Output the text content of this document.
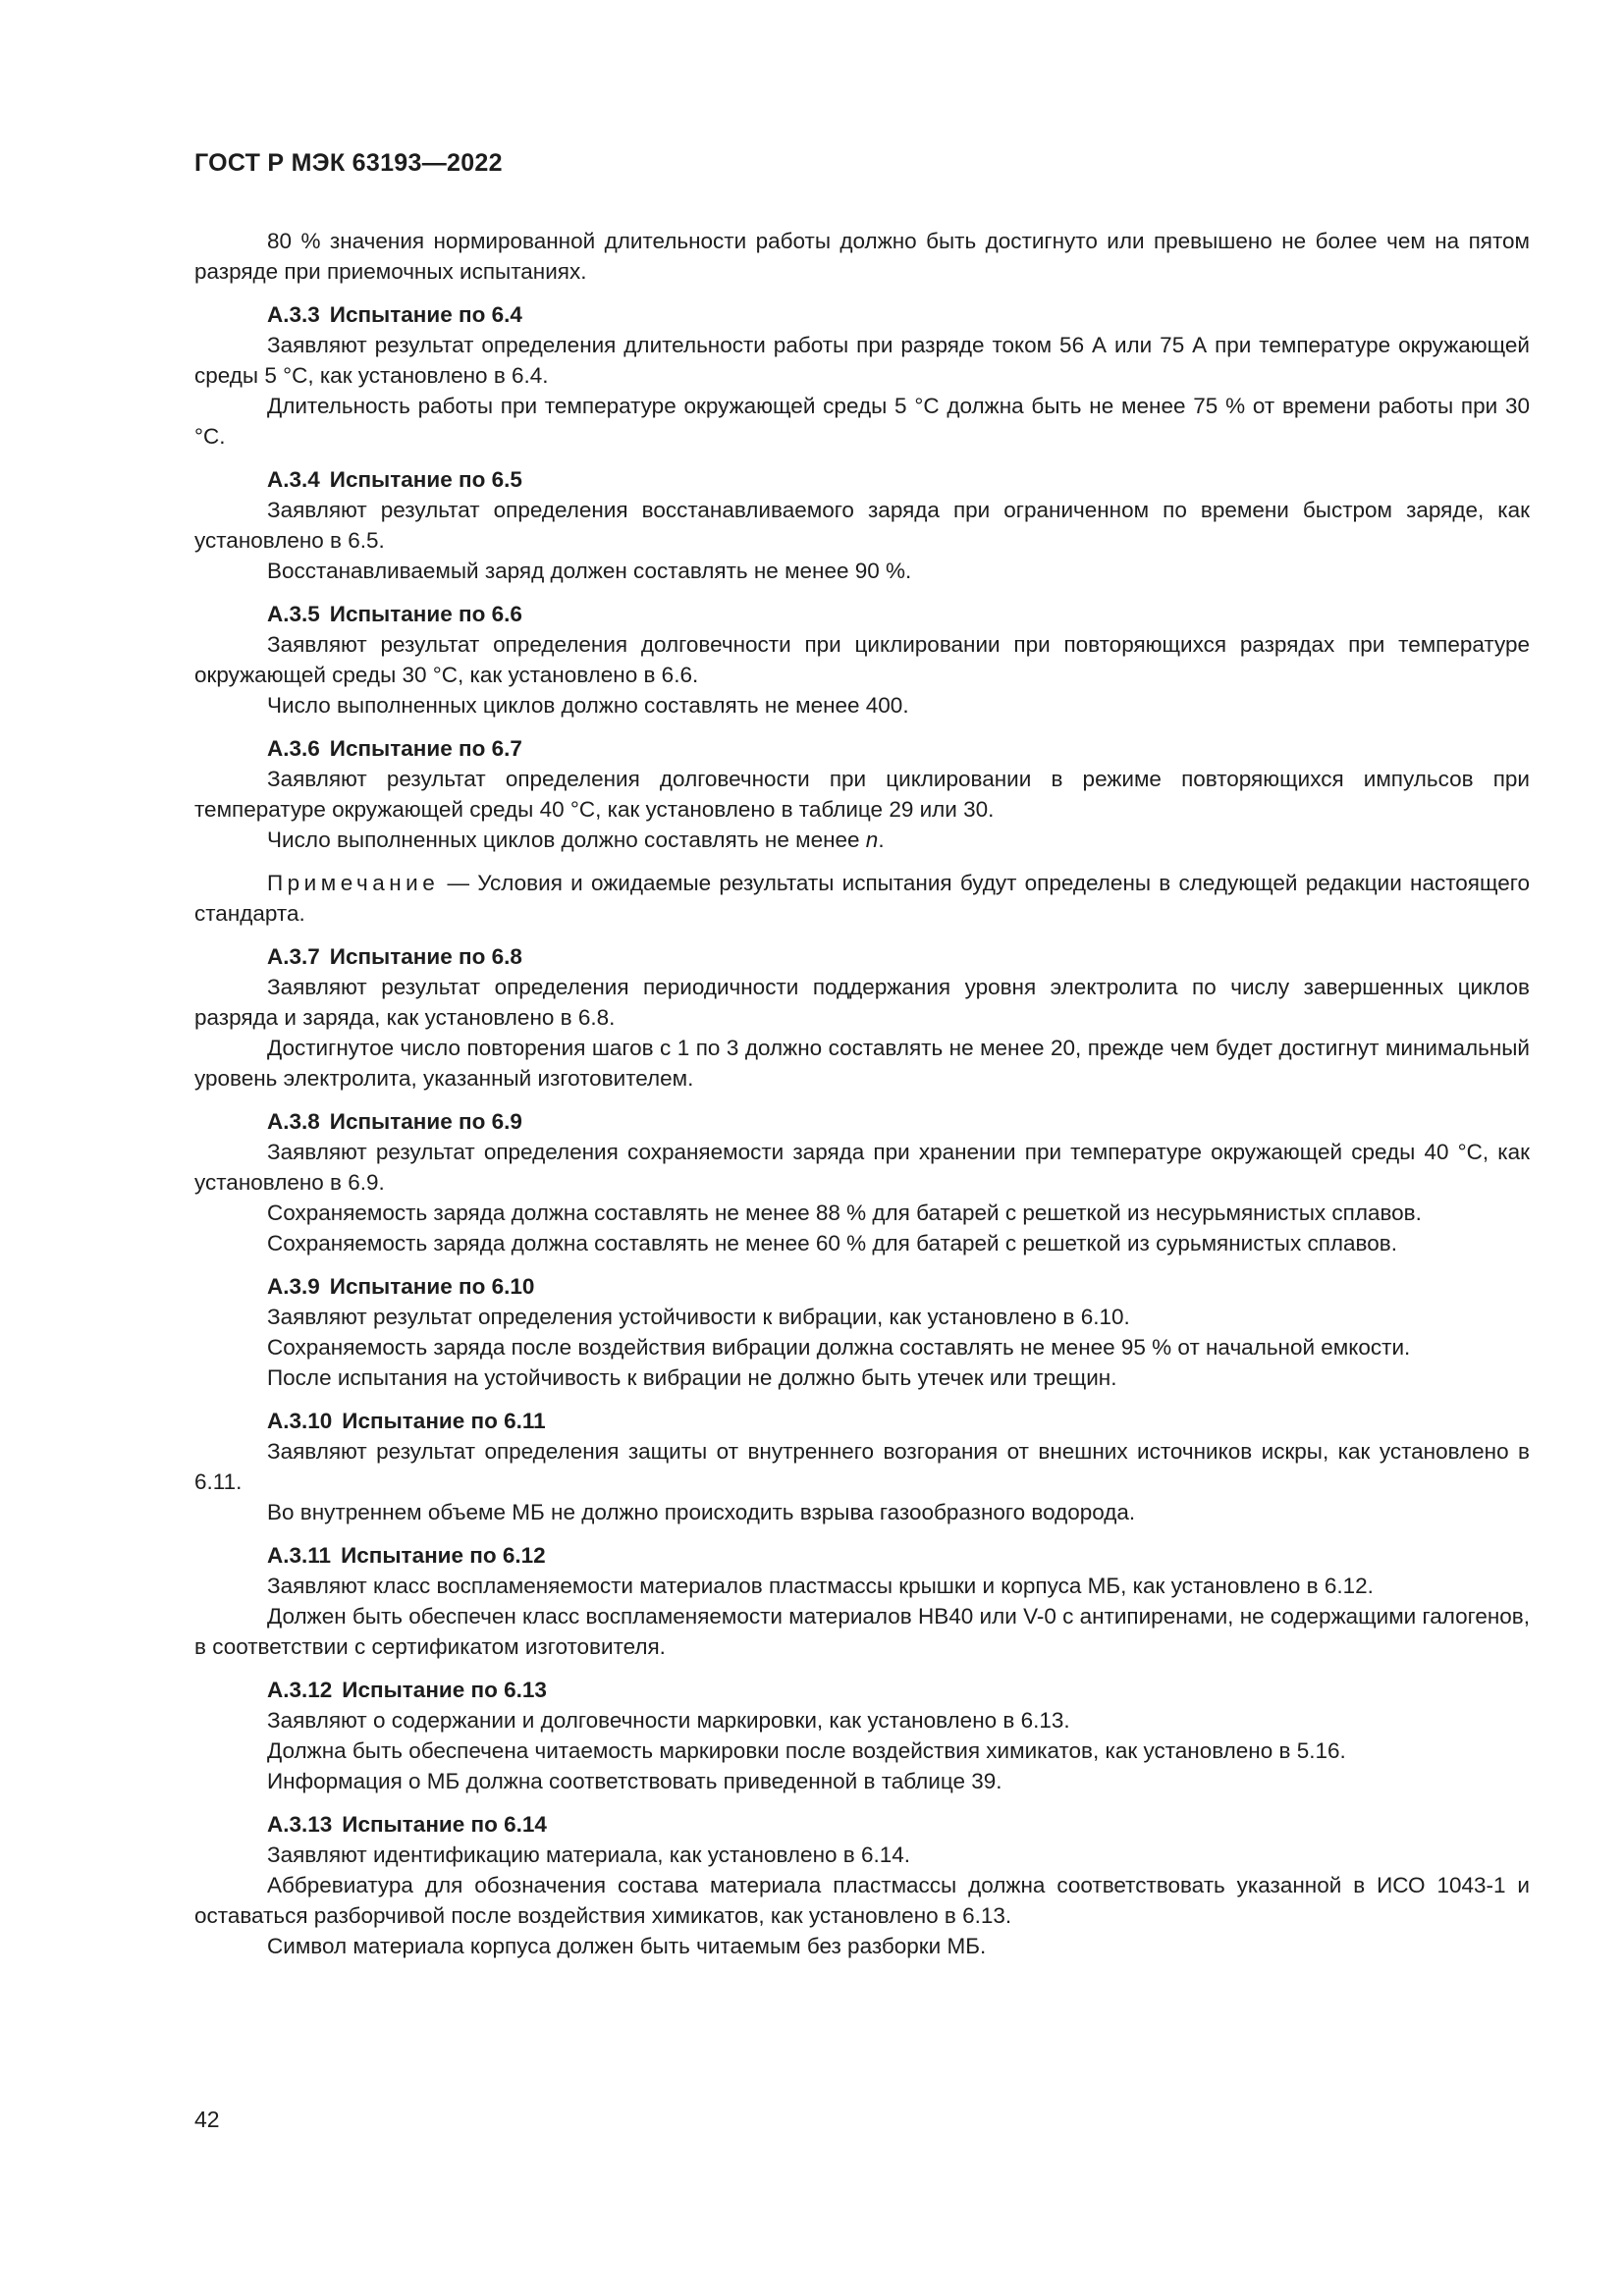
ГОСТ Р МЭК 63193—2022

80 % значения нормированной длительности работы должно быть достигнуто или превышено не более чем на пятом разряде при приемочных испытаниях.

А.3.3 Испытание по 6.4

Заявляют результат определения длительности работы при разряде током 56 А или 75 А при температуре окружающей среды 5 °С, как установлено в 6.4.

Длительность работы при температуре окружающей среды 5 °С должна быть не менее 75 % от времени работы при 30 °С.

А.3.4 Испытание по 6.5

Заявляют результат определения восстанавливаемого заряда при ограниченном по времени быстром заряде, как установлено в 6.5.

Восстанавливаемый заряд должен составлять не менее 90 %.

А.3.5 Испытание по 6.6

Заявляют результат определения долговечности при циклировании при повторяющихся разрядах при температуре окружающей среды 30 °С, как установлено в 6.6.

Число выполненных циклов должно составлять не менее 400.

А.3.6 Испытание по 6.7

Заявляют результат определения долговечности при циклировании в режиме повторяющихся импульсов при температуре окружающей среды 40 °С, как установлено в таблице 29 или 30.

Число выполненных циклов должно составлять не менее n.

Примечание — Условия и ожидаемые результаты испытания будут определены в следующей редакции настоящего стандарта.

А.3.7 Испытание по 6.8

Заявляют результат определения периодичности поддержания уровня электролита по числу завершенных циклов разряда и заряда, как установлено в 6.8.

Достигнутое число повторения шагов с 1 по 3 должно составлять не менее 20, прежде чем будет достигнут минимальный уровень электролита, указанный изготовителем.

А.3.8 Испытание по 6.9

Заявляют результат определения сохраняемости заряда при хранении при температуре окружающей среды 40 °С, как установлено в 6.9.

Сохраняемость заряда должна составлять не менее 88 % для батарей с решеткой из несурьмянистых сплавов.

Сохраняемость заряда должна составлять не менее 60 % для батарей с решеткой из сурьмянистых сплавов.

А.3.9 Испытание по 6.10

Заявляют результат определения устойчивости к вибрации, как установлено в 6.10.

Сохраняемость заряда после воздействия вибрации должна составлять не менее 95 % от начальной емкости.

После испытания на устойчивость к вибрации не должно быть утечек или трещин.

А.3.10 Испытание по 6.11

Заявляют результат определения защиты от внутреннего возгорания от внешних источников искры, как установлено в 6.11.

Во внутреннем объеме МБ не должно происходить взрыва газообразного водорода.

А.3.11 Испытание по 6.12

Заявляют класс воспламеняемости материалов пластмассы крышки и корпуса МБ, как установлено в 6.12.

Должен быть обеспечен класс воспламеняемости материалов НВ40 или V-0 с антипиренами, не содержащими галогенов, в соответствии с сертификатом изготовителя.

А.3.12 Испытание по 6.13

Заявляют о содержании и долговечности маркировки, как установлено в 6.13.

Должна быть обеспечена читаемость маркировки после воздействия химикатов, как установлено в 5.16.

Информация о МБ должна соответствовать приведенной в таблице 39.

А.3.13 Испытание по 6.14

Заявляют идентификацию материала, как установлено в 6.14.

Аббревиатура для обозначения состава материала пластмассы должна соответствовать указанной в ИСО 1043-1 и оставаться разборчивой после воздействия химикатов, как установлено в 6.13.

Символ материала корпуса должен быть читаемым без разборки МБ.

42
